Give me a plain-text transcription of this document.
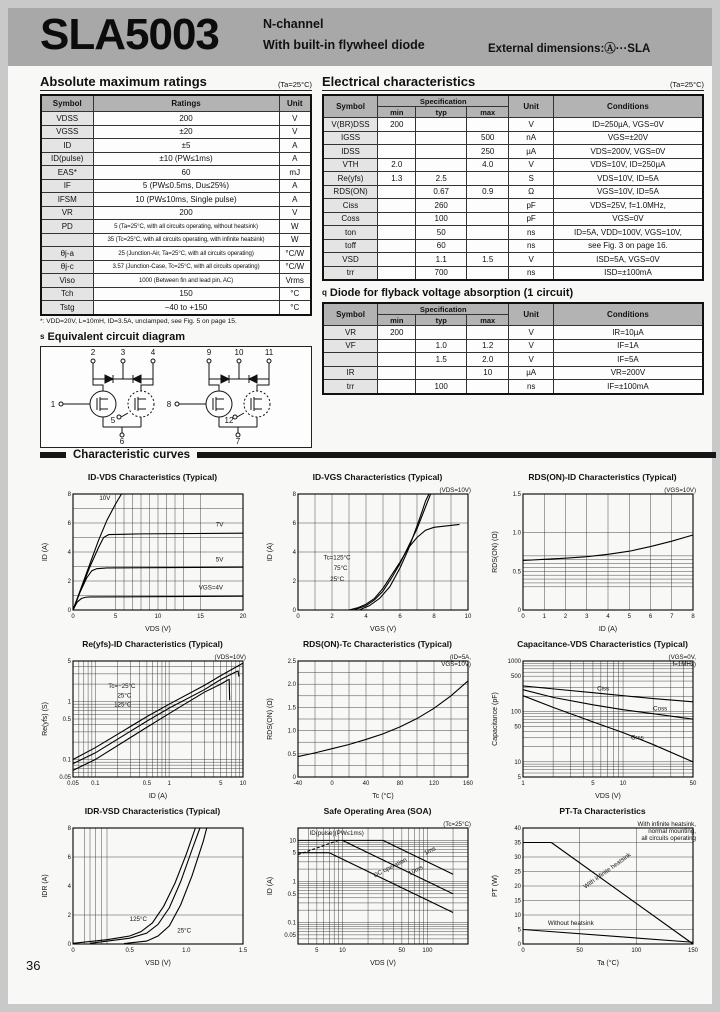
SLA5003	N-channel
With built-in flywheel diode	External dimensions:Ⓐ···SLA
Absolute maximum ratings	(Ta=25°C)
Symbol	Ratings	Unit
VDSS	200	V
VGSS	±20	V
ID	±5	A
ID(pulse)	±10 (PW≤1ms)	A
EAS*	60	mJ
IF	5 (PW≤0.5ms, Du≤25%)	A
IFSM	10 (PW≤10ms, Single pulse)	A
VR	200	V
PD	5 (Ta=25°C, with all circuits operating, without heatsink)	W
	35 (Tc=25°C, with all circuits operating, with infinite heatsink)	W
θj-a	25 (Junction-Air, Ta=25°C, with all circuits operating)	°C/W
θj-c	3.57 (Junction-Case, Tc=25°C, with all circuits operating)	°C/W
Viso	1000 (Between fin and lead pin, AC)	Vrms
Tch	150	°C
Tstg	−40 to +150	°C
*: VDD=20V, L=10mH, ID=3.5A, unclamped, see Fig. 5 on page 15.
s Equivalent circuit diagram
2	3	4
1
5
6
9	10	11
8
12
7
Electrical characteristics	(Ta=25°C)
Symbol	Specification			Unit	Conditions
	min	typ	max		
V(BR)DSS	200			V	ID=250µA, VGS=0V
IGSS			500	nA	VGS=±20V
IDSS			250	µA	VDS=200V, VGS=0V
VTH	2.0		4.0	V	VDS=10V, ID=250µA
Re(yfs)	1.3	2.5		S	VDS=10V, ID=5A
RDS(ON)		0.67	0.9	Ω	VGS=10V, ID=5A
Ciss		260		pF	VDS=25V, f=1.0MHz,
Coss		100		pF	VGS=0V
ton		50		ns	ID=5A, VDD≈100V, VGS=10V,
toff		60		ns	see Fig. 3 on page 16.
VSD		1.1	1.5	V	ISD=5A, VGS=0V
trr		700		ns	ISD=±100mA
q Diode for flyback voltage absorption (1 circuit)
Symbol	Specification			Unit	Conditions
	min	typ	max		
VR	200			V	IR=10µA
VF		1.0	1.2	V	IF=1A
		1.5	2.0	V	IF=5A
IR			10	µA	VR=200V
trr		100		ns	IF=±100mA
Characteristic curves
ID-VDS Characteristics (Typical)
0	5	10	15	20
0
2
4
6
8	10V
7V
5V
VGS=4V
VDS (V)
ID (A)
ID-VGS Characteristics (Typical)
0	2	4	6	8	10
0
2
4
6
8
Tc=125°C
75°C
25°C
(VDS=10V)
VGS (V)
ID (A)
RDS(ON)-ID Characteristics (Typical)
0	1	2	3	4	5	6	7	8
0
0.5
1.0
1.5
(VGS=10V)
ID (A)
RDS(ON) (Ω)
Re(yfs)-ID Characteristics (Typical)
0.05 0.1	0.5	1	5	10
0.05
0.1
0.5
1
5
Tc=−25°C
25°C
125°C
(VDS=10V)
ID (A)
Re(yfs) (S)
RDS(ON)-Tc Characteristics (Typical)
-40	0	40	80	120	160
0
0.5
1.0
1.5
2.0
2.5
(ID=5A,
VGS=10V)
Tc (°C)
RDS(ON) (Ω)
Capacitance-VDS Characteristics (Typical)
1	5	10	50
5
10
50
100
500
1000
Ciss
Coss
Crss
(VGS=0V,
f=1MHz)
VDS (V)
Capacitance (pF)
IDR-VSD Characteristics (Typical)
0	0.5	1.0	1.5
0
2
4
6
8
125°C
25°C
VSD (V)
IDR (A)
Safe Operating Area (SOA)
5	10	50	100
0.05
0.1
0.5
1
5
10
ID(pulse)(PW≤1ms)
1ms
10ms
DC operation
(Tc=25°C)
VDS (V)
ID (A)
PT-Ta Characteristics
0	50	100	150
0
5
10
15
20
25
30
35
40
With infinite heatsink
Without heatsink
With infinite heatsink,
normal mounting,
all circuits operating
Ta (°C)
PT (W)
36
